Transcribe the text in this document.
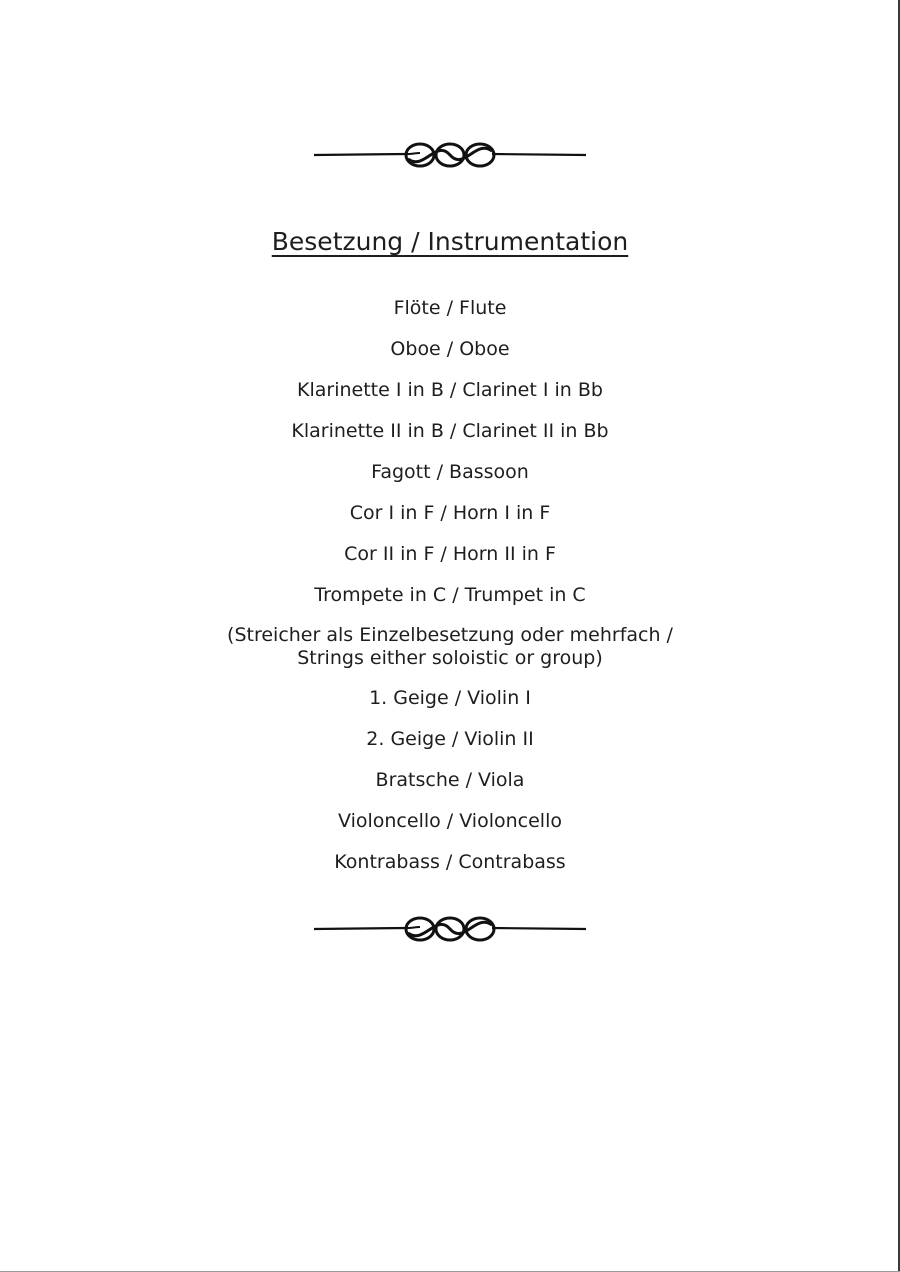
Besetzung / Instrumentation
Flöte / Flute
Oboe / Oboe
Klarinette I in B / Clarinet I in Bb
Klarinette II in B / Clarinet II in Bb
Fagott / Bassoon
Cor I in F / Horn I in F
Cor II in F / Horn II in F
Trompete in C / Trumpet in C
(Streicher als Einzelbesetzung oder mehrfach /
Strings either soloistic or group)
1. Geige / Violin I
2. Geige / Violin II
Bratsche / Viola
Violoncello / Violoncello
Kontrabass / Contrabass
